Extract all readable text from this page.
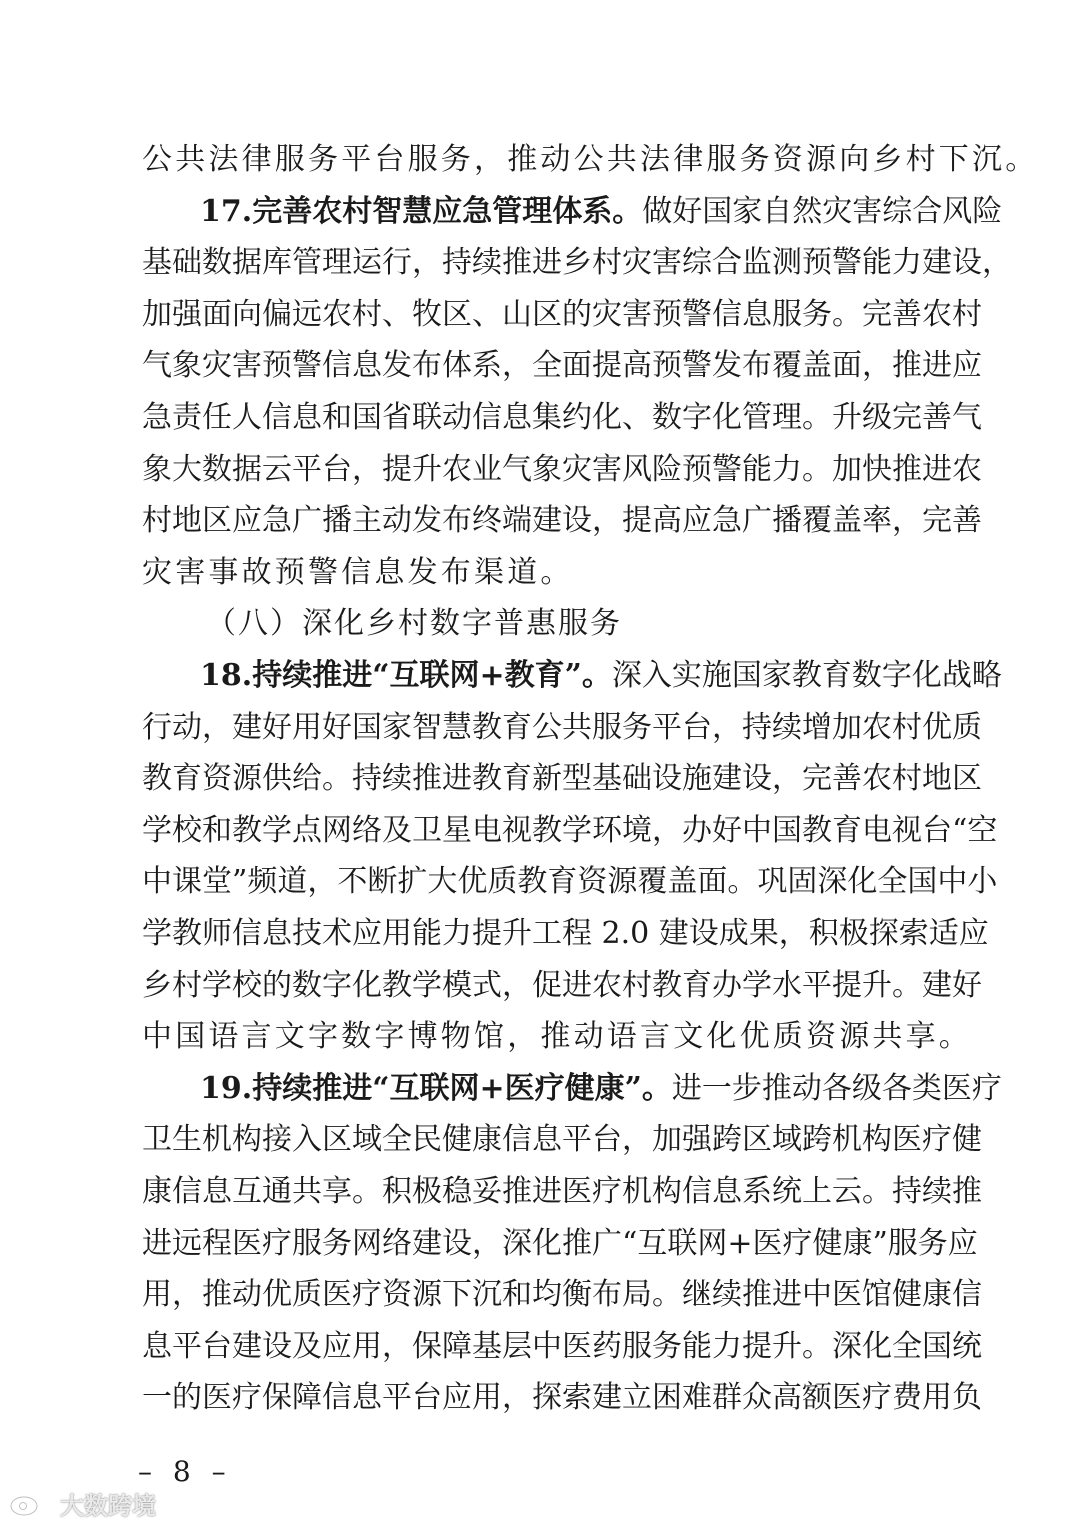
公共法律服务平台服务，推动公共法律服务资源向乡村下沉。
17.完善农村智慧应急管理体系。做好国家自然灾害综合风险
基础数据库管理运行，持续推进乡村灾害综合监测预警能力建设，
加强面向偏远农村、牧区、山区的灾害预警信息服务。完善农村
气象灾害预警信息发布体系，全面提高预警发布覆盖面，推进应
急责任人信息和国省联动信息集约化、数字化管理。升级完善气
象大数据云平台，提升农业气象灾害风险预警能力。加快推进农
村地区应急广播主动发布终端建设，提高应急广播覆盖率，完善
灾害事故预警信息发布渠道。
（八）深化乡村数字普惠服务
18.持续推进“互联网+教育”。深入实施国家教育数字化战略
行动，建好用好国家智慧教育公共服务平台，持续增加农村优质
教育资源供给。持续推进教育新型基础设施建设，完善农村地区
学校和教学点网络及卫星电视教学环境，办好中国教育电视台“空
中课堂”频道，不断扩大优质教育资源覆盖面。巩固深化全国中小
学教师信息技术应用能力提升工程 2.0 建设成果，积极探索适应
乡村学校的数字化教学模式，促进农村教育办学水平提升。建好
中国语言文字数字博物馆，推动语言文化优质资源共享。
19.持续推进“互联网+医疗健康”。进一步推动各级各类医疗
卫生机构接入区域全民健康信息平台，加强跨区域跨机构医疗健
康信息互通共享。积极稳妥推进医疗机构信息系统上云。持续推
进远程医疗服务网络建设，深化推广“互联网+医疗健康”服务应
用，推动优质医疗资源下沉和均衡布局。继续推进中医馆健康信
息平台建设及应用，保障基层中医药服务能力提升。深化全国统
一的医疗保障信息平台应用，探索建立困难群众高额医疗费用负
– 8 –
大数跨境
